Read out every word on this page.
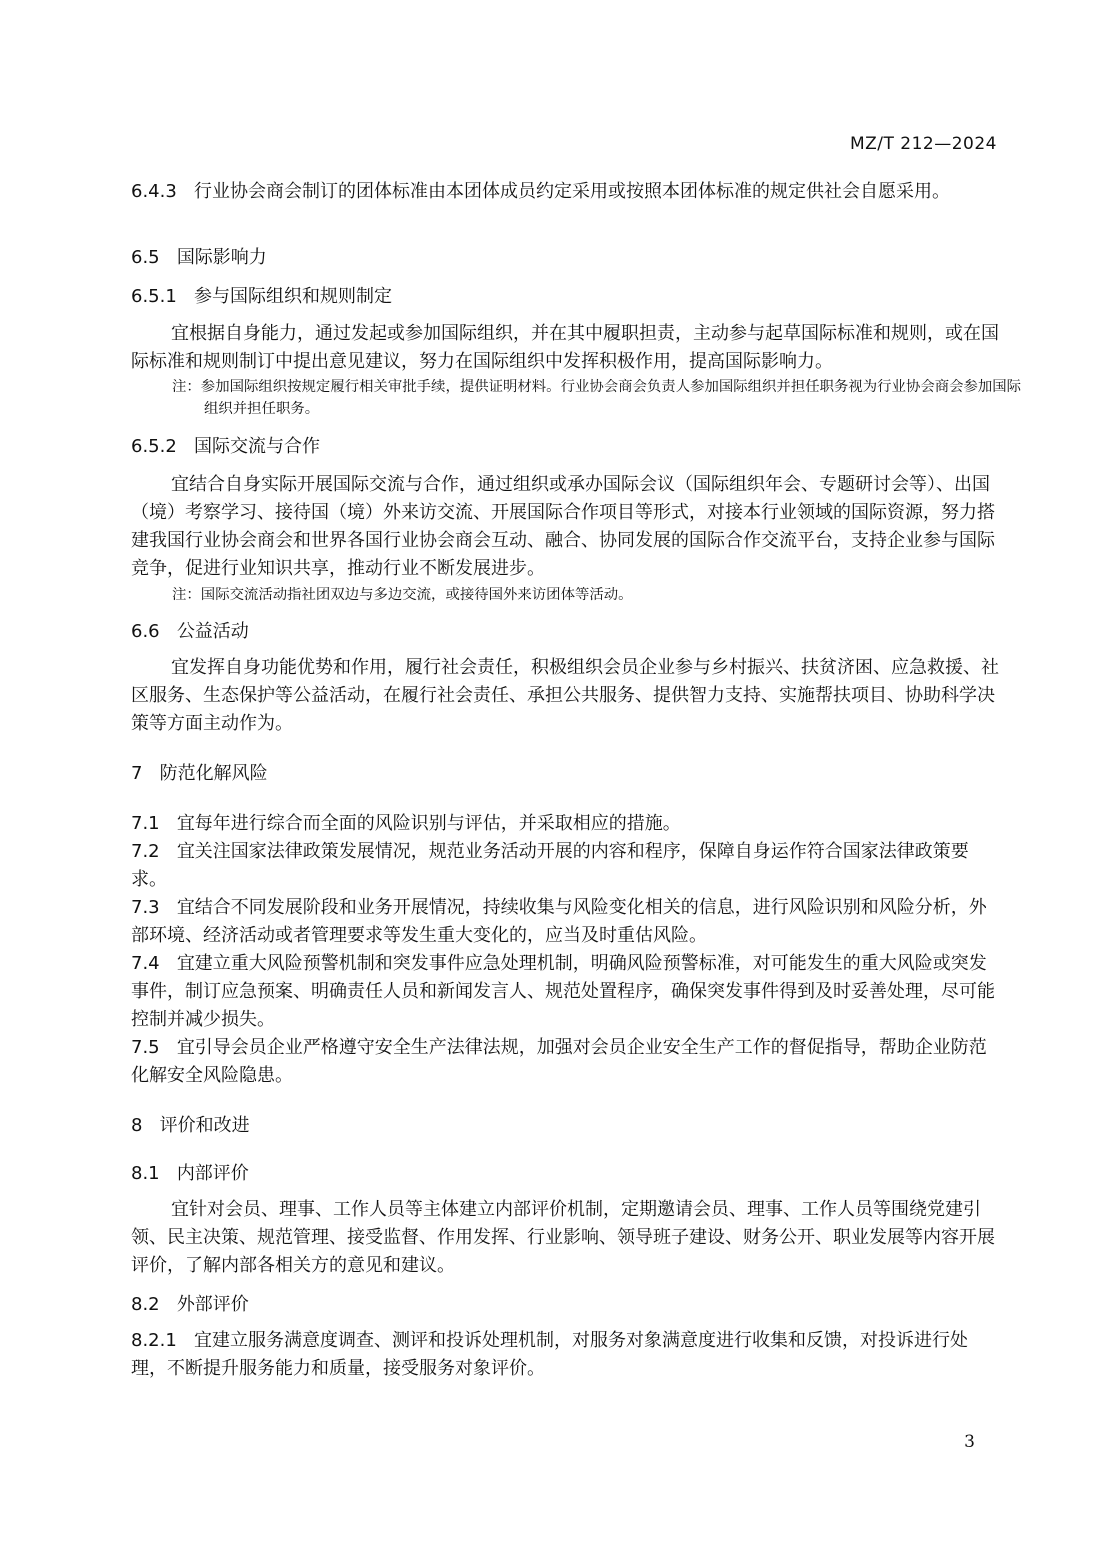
MZ/T 212—2024
6.4.3 行业协会商会制订的团体标准由本团体成员约定采用或按照本团体标准的规定供社会自愿采用。
6.5 国际影响力
6.5.1 参与国际组织和规则制定
宜根据自身能力，通过发起或参加国际组织，并在其中履职担责，主动参与起草国际标准和规则，或在国际标准和规则制订中提出意见建议，努力在国际组织中发挥积极作用，提高国际影响力。
注：参加国际组织按规定履行相关审批手续，提供证明材料。行业协会商会负责人参加国际组织并担任职务视为行业协会商会参加国际组织并担任职务。
6.5.2 国际交流与合作
宜结合自身实际开展国际交流与合作，通过组织或承办国际会议（国际组织年会、专题研讨会等）、出国（境）考察学习、接待国（境）外来访交流、开展国际合作项目等形式，对接本行业领域的国际资源，努力搭建我国行业协会商会和世界各国行业协会商会互动、融合、协同发展的国际合作交流平台，支持企业参与国际竞争，促进行业知识共享，推动行业不断发展进步。
注：国际交流活动指社团双边与多边交流，或接待国外来访团体等活动。
6.6 公益活动
宜发挥自身功能优势和作用，履行社会责任，积极组织会员企业参与乡村振兴、扶贫济困、应急救援、社区服务、生态保护等公益活动，在履行社会责任、承担公共服务、提供智力支持、实施帮扶项目、协助科学决策等方面主动作为。
7 防范化解风险
7.1 宜每年进行综合而全面的风险识别与评估，并采取相应的措施。
7.2 宜关注国家法律政策发展情况，规范业务活动开展的内容和程序，保障自身运作符合国家法律政策要求。
7.3 宜结合不同发展阶段和业务开展情况，持续收集与风险变化相关的信息，进行风险识别和风险分析，外部环境、经济活动或者管理要求等发生重大变化的，应当及时重估风险。
7.4 宜建立重大风险预警机制和突发事件应急处理机制，明确风险预警标准，对可能发生的重大风险或突发事件，制订应急预案、明确责任人员和新闻发言人、规范处置程序，确保突发事件得到及时妥善处理，尽可能控制并减少损失。
7.5 宜引导会员企业严格遵守安全生产法律法规，加强对会员企业安全生产工作的督促指导，帮助企业防范化解安全风险隐患。
8 评价和改进
8.1 内部评价
宜针对会员、理事、工作人员等主体建立内部评价机制，定期邀请会员、理事、工作人员等围绕党建引领、民主决策、规范管理、接受监督、作用发挥、行业影响、领导班子建设、财务公开、职业发展等内容开展评价，了解内部各相关方的意见和建议。
8.2 外部评价
8.2.1 宜建立服务满意度调查、测评和投诉处理机制，对服务对象满意度进行收集和反馈，对投诉进行处理，不断提升服务能力和质量，接受服务对象评价。
3
